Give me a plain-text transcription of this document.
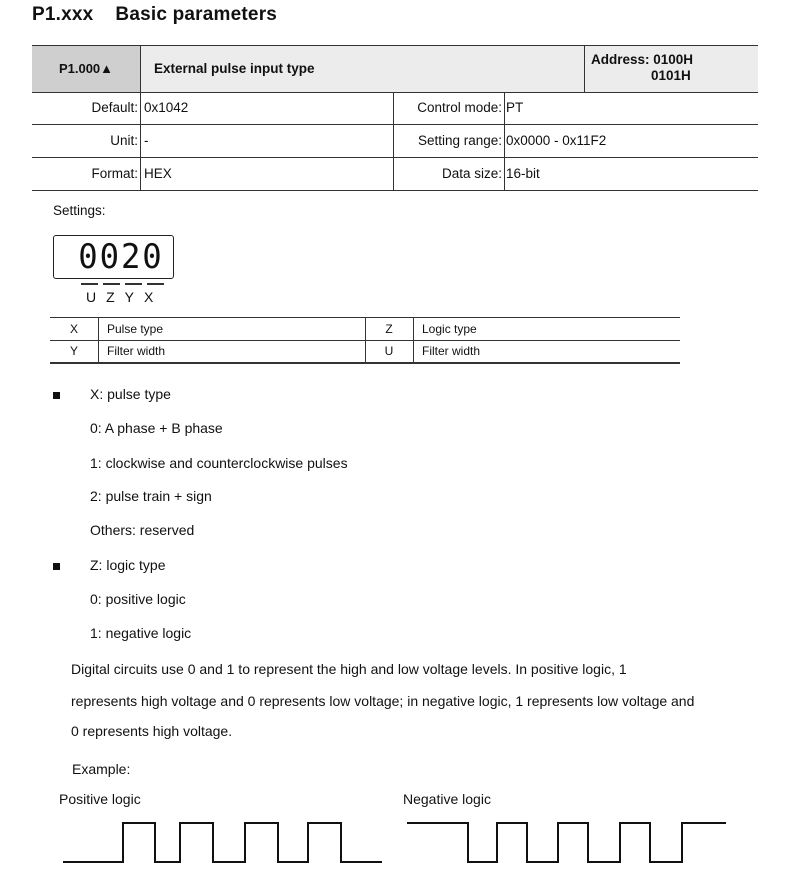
P1.xxx Basic parameters
P1.000▲	External pulse input type
Address: 0100H
0101H
Default: 0x1042	Control mode: PT
Unit: -	Setting range: 0x0000 - 0x11F2
Format: HEX	Data size: 16-bit
Settings:
0020
UZYX
X	Pulse type	Z	Logic type
Y	Filter width	U	Filter width
X: pulse type
0: A phase + B phase
1: clockwise and counterclockwise pulses
2: pulse train + sign
Others: reserved
Z: logic type
0: positive logic
1: negative logic
Digital circuits use 0 and 1 to represent the high and low voltage levels. In positive logic, 1
represents high voltage and 0 represents low voltage; in negative logic, 1 represents low voltage and
0 represents high voltage.
Example:
Positive logic	Negative logic
